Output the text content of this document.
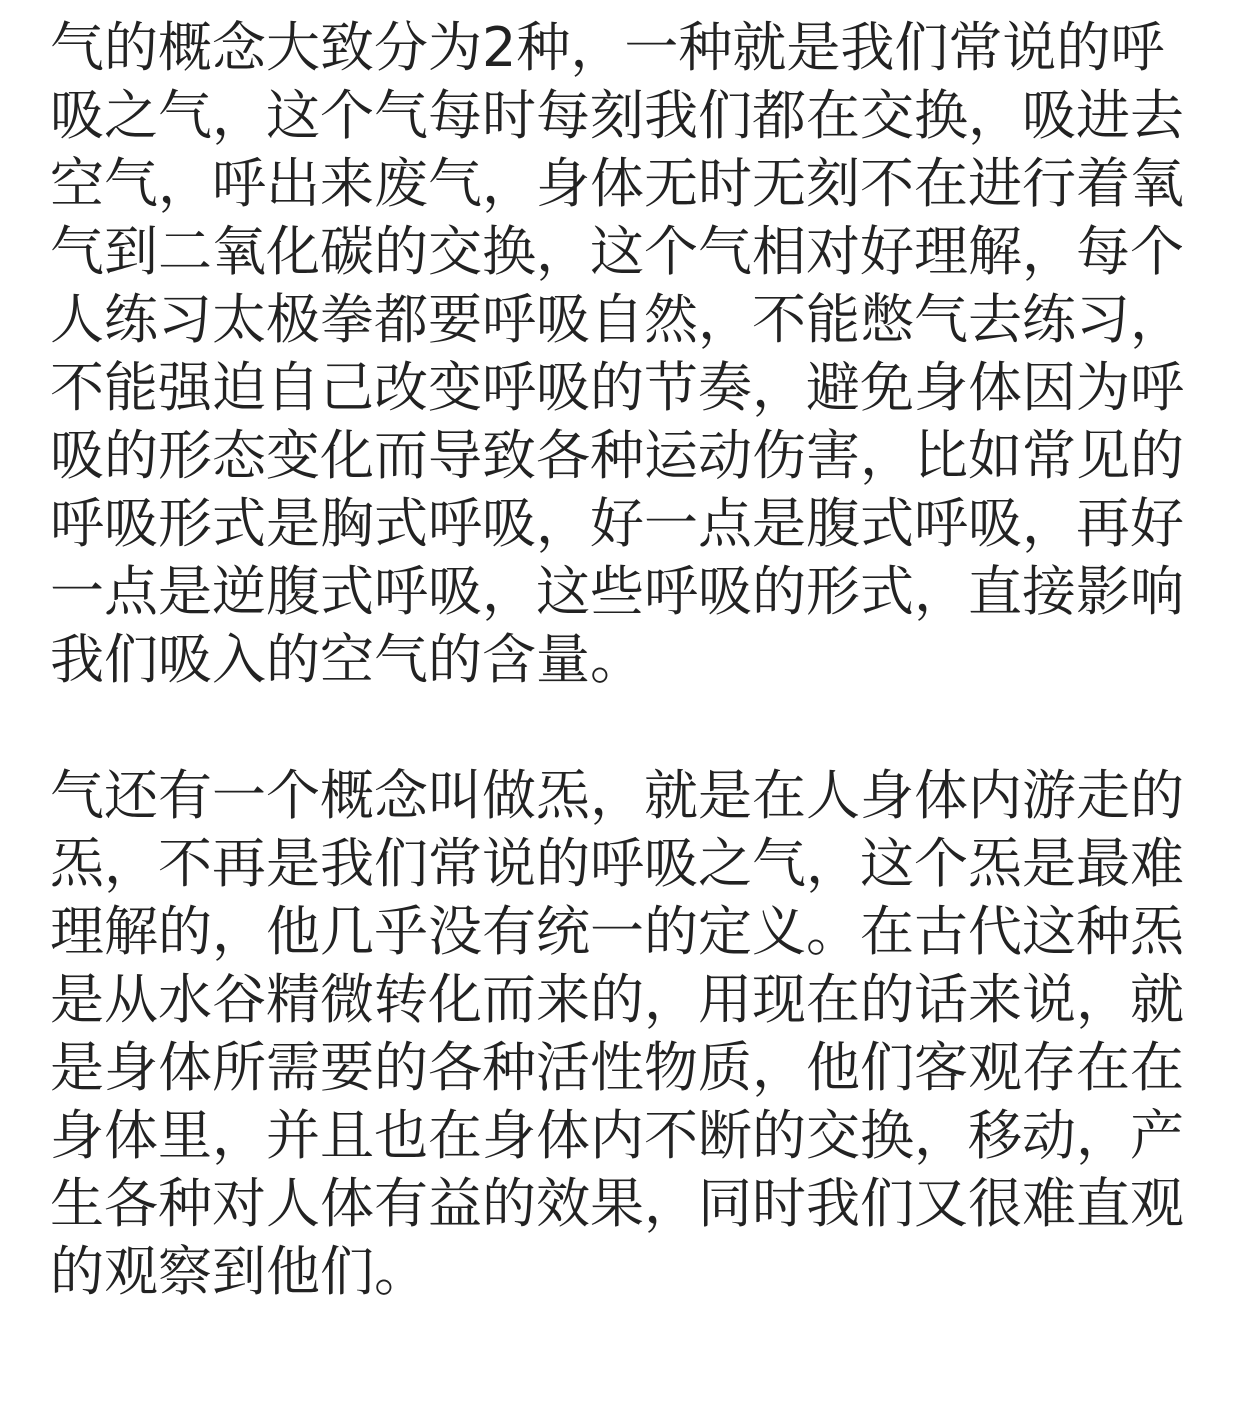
气的概念大致分为2种，一种就是我们常说的呼
吸之气，这个气每时每刻我们都在交换，吸进去
空气，呼出来废气，身体无时无刻不在进行着氧
气到二氧化碳的交换，这个气相对好理解，每个
人练习太极拳都要呼吸自然，不能憋气去练习，
不能强迫自己改变呼吸的节奏，避免身体因为呼
吸的形态变化而导致各种运动伤害，比如常见的
呼吸形式是胸式呼吸，好一点是腹式呼吸，再好
一点是逆腹式呼吸，这些呼吸的形式，直接影响
我们吸入的空气的含量。
气还有一个概念叫做炁，就是在人身体内游走的
炁，不再是我们常说的呼吸之气，这个炁是最难
理解的，他几乎没有统一的定义。在古代这种炁
是从水谷精微转化而来的，用现在的话来说，就
是身体所需要的各种活性物质，他们客观存在在
身体里，并且也在身体内不断的交换，移动，产
生各种对人体有益的效果，同时我们又很难直观
的观察到他们。
